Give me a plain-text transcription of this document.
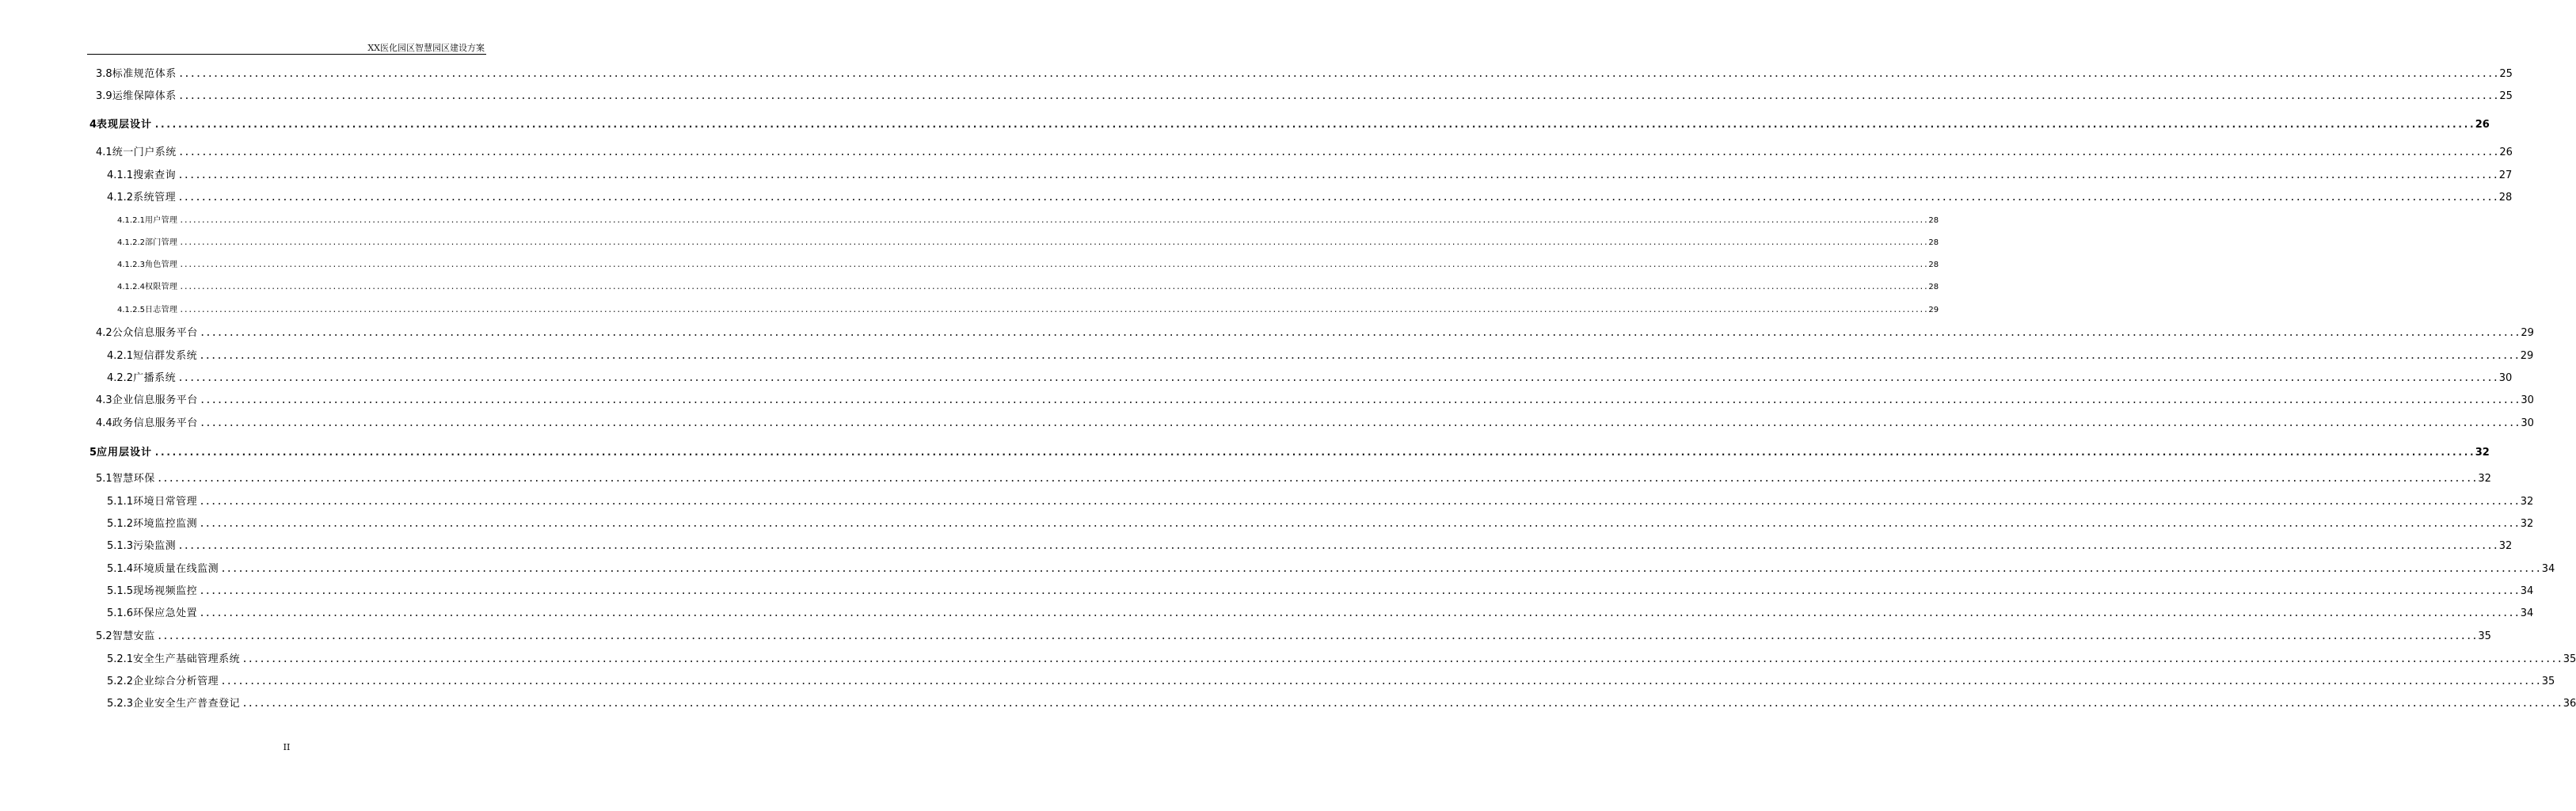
XX医化园区智慧园区建设方案
3.8 标准规范体系 ................................................................................................................................................................................................................................................................................................................................................................................................................ 25
3.9 运维保障体系 ................................................................................................................................................................................................................................................................................................................................................................................................................ 25
4 表现层设计 ................................................................................................................................................................................................................................................................................................................................................................................................................ 26
4.1 统一门户系统 ................................................................................................................................................................................................................................................................................................................................................................................................................ 26
4.1.1 搜索查询 ................................................................................................................................................................................................................................................................................................................................................................................................................ 27
4.1.2 系统管理 ................................................................................................................................................................................................................................................................................................................................................................................................................ 28
4.1.2.1 用户管理 ................................................................................................................................................................................................................................................................................................................................................................................................................ 28
4.1.2.2 部门管理 ................................................................................................................................................................................................................................................................................................................................................................................................................ 28
4.1.2.3 角色管理 ................................................................................................................................................................................................................................................................................................................................................................................................................ 28
4.1.2.4 权限管理 ................................................................................................................................................................................................................................................................................................................................................................................................................ 28
4.1.2.5 日志管理 ................................................................................................................................................................................................................................................................................................................................................................................................................ 29
4.2 公众信息服务平台 ................................................................................................................................................................................................................................................................................................................................................................................................................ 29
4.2.1 短信群发系统 ................................................................................................................................................................................................................................................................................................................................................................................................................ 29
4.2.2 广播系统 ................................................................................................................................................................................................................................................................................................................................................................................................................ 30
4.3 企业信息服务平台 ................................................................................................................................................................................................................................................................................................................................................................................................................ 30
4.4 政务信息服务平台 ................................................................................................................................................................................................................................................................................................................................................................................................................ 30
5 应用层设计 ................................................................................................................................................................................................................................................................................................................................................................................................................ 32
5.1 智慧环保 ................................................................................................................................................................................................................................................................................................................................................................................................................ 32
5.1.1 环境日常管理 ................................................................................................................................................................................................................................................................................................................................................................................................................ 32
5.1.2 环境监控监测 ................................................................................................................................................................................................................................................................................................................................................................................................................ 32
5.1.3 污染监测 ................................................................................................................................................................................................................................................................................................................................................................................................................ 32
5.1.4 环境质量在线监测 ................................................................................................................................................................................................................................................................................................................................................................................................................ 34
5.1.5 现场视频监控 ................................................................................................................................................................................................................................................................................................................................................................................................................ 34
5.1.6 环保应急处置 ................................................................................................................................................................................................................................................................................................................................................................................................................ 34
5.2 智慧安监 ................................................................................................................................................................................................................................................................................................................................................................................................................ 35
5.2.1 安全生产基础管理系统 ................................................................................................................................................................................................................................................................................................................................................................................................................ 35
5.2.2 企业综合分析管理 ................................................................................................................................................................................................................................................................................................................................................................................................................ 35
5.2.3 企业安全生产普查登记 ................................................................................................................................................................................................................................................................................................................................................................................................................ 36
II
